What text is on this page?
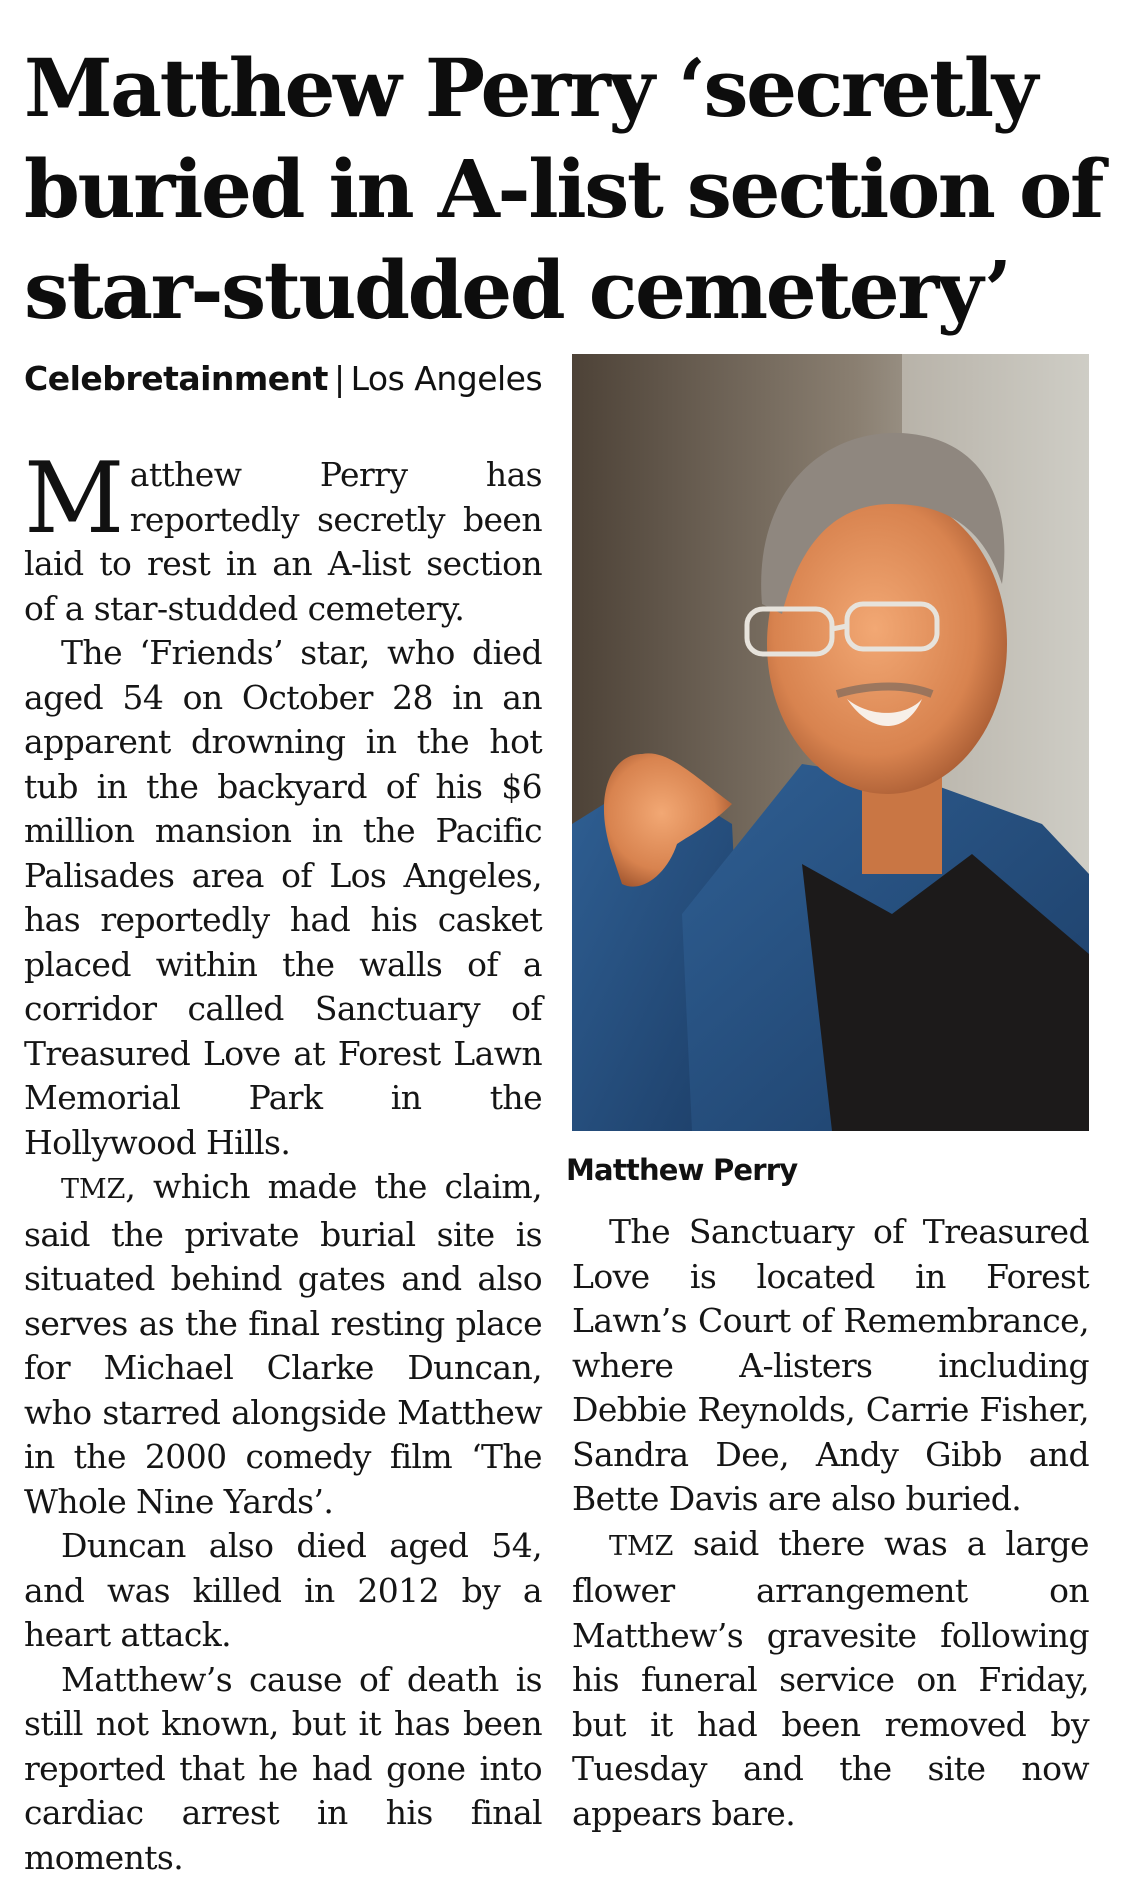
Matthew Perry ‘secretly buried in A-list section of star-studded cemetery’
Celebretainment | Los Angeles

Matthew Perry has reportedly secretly been laid to rest in an A-list section of a star-studded cemetery.

The ‘Friends’ star, who died aged 54 on October 28 in an apparent drowning in the hot tub in the backyard of his $6 million mansion in the Pacific Palisades area of Los Angeles, has reportedly had his casket placed within the walls of a corridor called Sanctuary of Treasured Love at Forest Lawn Memorial Park in the Hollywood Hills.

TMZ, which made the claim, said the private burial site is situated behind gates and also serves as the final resting place for Michael Clarke Duncan, who starred alongside Matthew in the 2000 comedy film ‘The Whole Nine Yards’.

Duncan also died aged 54, and was killed in 2012 by a heart attack.

Matthew’s cause of death is still not known, but it has been reported that he had gone into cardiac arrest in his final moments.

Matthew Perry

The Sanctuary of Treasured Love is located in Forest Lawn’s Court of Remembrance, where A-listers including Debbie Reynolds, Carrie Fisher, Sandra Dee, Andy Gibb and Bette Davis are also buried.

TMZ said there was a large flower arrangement on Matthew’s gravesite following his funeral service on Friday, but it had been removed by Tuesday and the site now appears bare.
